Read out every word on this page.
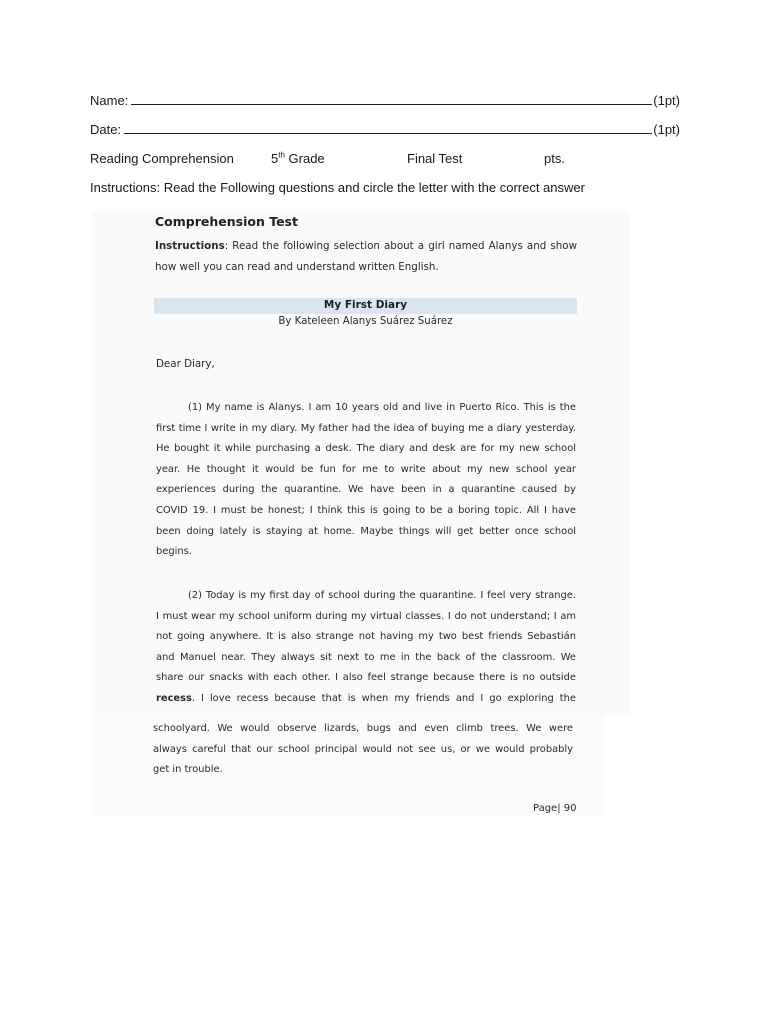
Name:	(1pt)
Date:	(1pt)
Reading Comprehension	5th Grade	Final Test	pts.
Instructions: Read the Following questions and circle the letter with the correct answer
Comprehension Test
Instructions: Read the following selection about a girl named Alanys and show how well you can read and understand written English.
My First Diary
By Kateleen Alanys Suárez Suárez
Dear Diary,
(1) My name is Alanys. I am 10 years old and live in Puerto Rico. This is the
first time I write in my diary. My father had the idea of buying me a diary yesterday.
He bought it while purchasing a desk. The diary and desk are for my new school
year. He thought it would be fun for me to write about my new school year
experiences during the quarantine. We have been in a quarantine caused by
COVID 19. I must be honest; I think this is going to be a boring topic. All I have
been doing lately is staying at home. Maybe things will get better once school
begins.
(2) Today is my first day of school during the quarantine. I feel very strange.
I must wear my school uniform during my virtual classes. I do not understand; I am
not going anywhere. It is also strange not having my two best friends Sebastián
and Manuel near. They always sit next to me in the back of the classroom. We
share our snacks with each other. I also feel strange because there is no outside
recess. I love recess because that is when my friends and I go exploring the
schoolyard. We would observe lizards, bugs and even climb trees. We were
always careful that our school principal would not see us, or we would probably
get in trouble.
Page| 90
